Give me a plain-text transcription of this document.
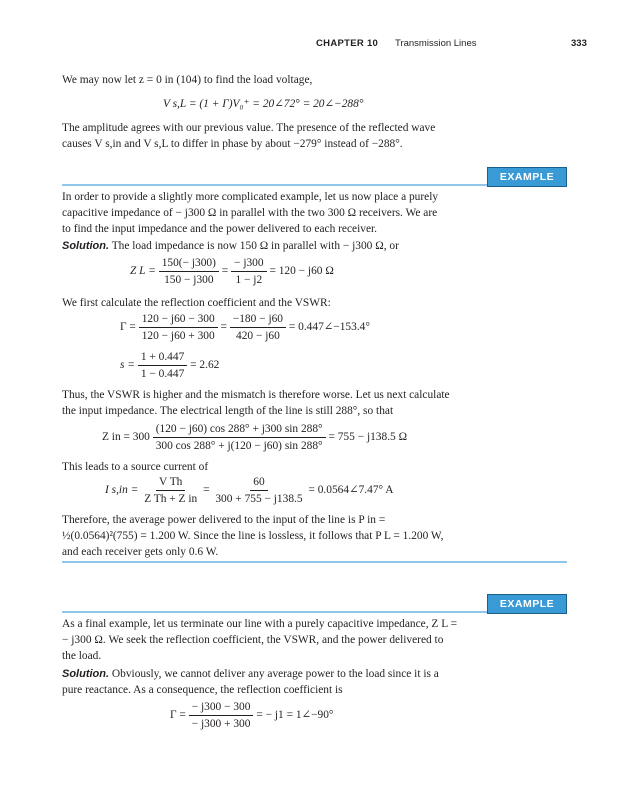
CHAPTER 10 Transmission Lines	333
We may now let z = 0 in (104) to find the load voltage,
V s,L = (1 + Γ)V₀⁺ = 20∠72° = 20∠−288°
The amplitude agrees with our previous value. The presence of the reflected wave
causes V s,in and V s,L to differ in phase by about −279° instead of −288°.
EXAMPLE 10.8
In order to provide a slightly more complicated example, let us now place a purely
capacitive impedance of − j300 Ω in parallel with the two 300 Ω receivers. We are
to find the input impedance and the power delivered to each receiver.
Solution. The load impedance is now 150 Ω in parallel with − j300 Ω, or
Z $L = \frac{150(- j300)}{150 - j300} = \frac{- j300}{1 - j2} = 120 - j60$ Ω
We first calculate the reflection coefficient and the VSWR:
$\Gamma = \frac{120 - j60 - 300}{120 - j60 + 300} = \frac{-180 - j60}{420 - j60}$ = 0.447∠−153.4°
$s = \frac{1 + 0.447}{1 - 0.447} = 2.62$
Thus, the VSWR is higher and the mismatch is therefore worse. Let us next calculate
the input impedance. The electrical length of the line is still 288°, so that
Z in = $300 \frac{(120 - j60) \cos 288^\circ + j300 \sin 288^\circ}{300 \cos 288^\circ + j(120 - j60) \sin 288^\circ} = 755 - j138.5$ Ω
This leads to a source current of
I $s,in = \frac{\text{V Th}}{\text{Z Th + Z in}} = \frac{60}{300 + 755 - j138.5}$ = 0.0564∠7.47° A
Therefore, the average power delivered to the input of the line is P in =
½(0.0564)²(755) = 1.200 W. Since the line is lossless, it follows that P L = 1.200 W,
and each receiver gets only 0.6 W.
EXAMPLE 10.9
As a final example, let us terminate our line with a purely capacitive impedance, Z L =
− j300 Ω. We seek the reflection coefficient, the VSWR, and the power delivered to
the load.
Solution. Obviously, we cannot deliver any average power to the load since it is a
pure reactance. As a consequence, the reflection coefficient is
$\Gamma = \frac{- j300 - 300}{- j300 + 300}$ = − j1 = 1∠−90°
